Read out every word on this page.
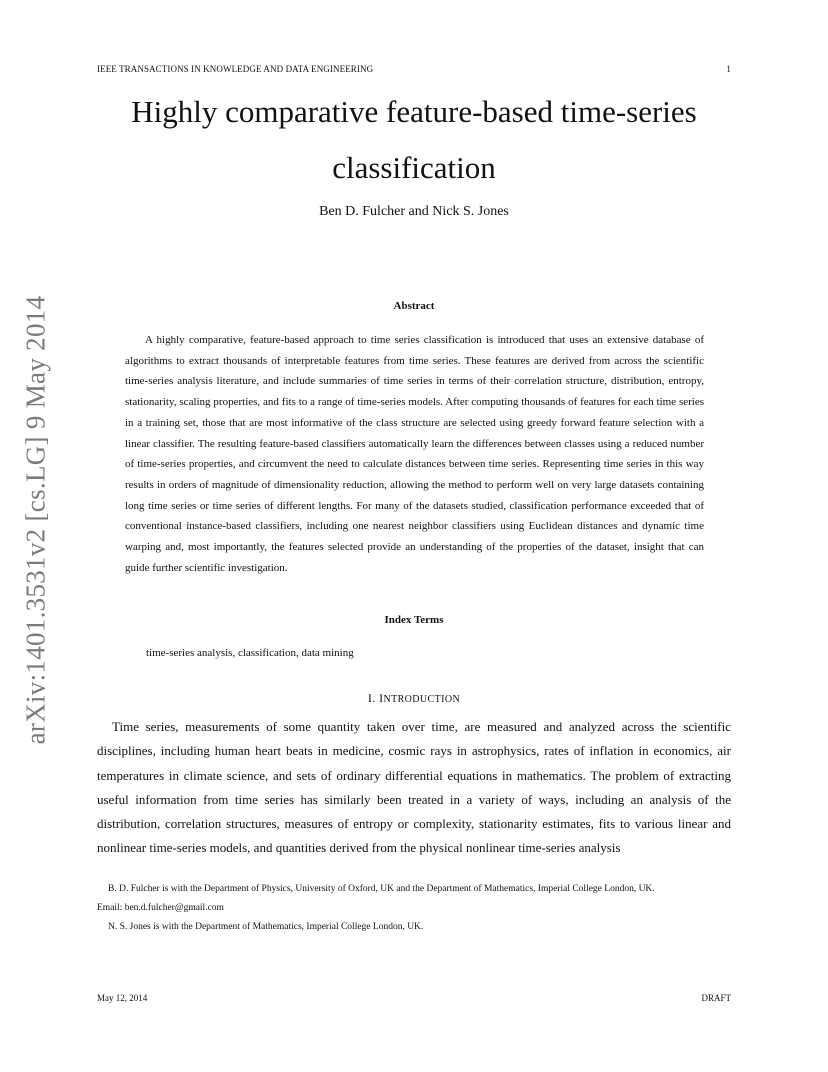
IEEE TRANSACTIONS IN KNOWLEDGE AND DATA ENGINEERING	1
arXiv:1401.3531v2 [cs.LG] 9 May 2014
Highly comparative feature-based time-series classification
Ben D. Fulcher and Nick S. Jones
Abstract

A highly comparative, feature-based approach to time series classification is introduced that uses an extensive database of algorithms to extract thousands of interpretable features from time series. These features are derived from across the scientific time-series analysis literature, and include summaries of time series in terms of their correlation structure, distribution, entropy, stationarity, scaling properties, and fits to a range of time-series models. After computing thousands of features for each time series in a training set, those that are most informative of the class structure are selected using greedy forward feature selection with a linear classifier. The resulting feature-based classifiers automatically learn the differences between classes using a reduced number of time-series properties, and circumvent the need to calculate distances between time series. Representing time series in this way results in orders of magnitude of dimensionality reduction, allowing the method to perform well on very large datasets containing long time series or time series of different lengths. For many of the datasets studied, classification performance exceeded that of conventional instance-based classifiers, including one nearest neighbor classifiers using Euclidean distances and dynamic time warping and, most importantly, the features selected provide an understanding of the properties of the dataset, insight that can guide further scientific investigation.

Index Terms
time-series analysis, classification, data mining
I. INTRODUCTION

Time series, measurements of some quantity taken over time, are measured and analyzed across the scientific disciplines, including human heart beats in medicine, cosmic rays in astrophysics, rates of inflation in economics, air temperatures in climate science, and sets of ordinary differential equations in mathematics. The problem of extracting useful information from time series has similarly been treated in a variety of ways, including an analysis of the distribution, correlation structures, measures of entropy or complexity, stationarity estimates, fits to various linear and nonlinear time-series models, and quantities derived from the physical nonlinear time-series analysis

B. D. Fulcher is with the Department of Physics, University of Oxford, UK and the Department of Mathematics, Imperial College London, UK.

Email: ben.d.fulcher@gmail.com

N. S. Jones is with the Department of Mathematics, Imperial College London, UK.

May 12, 2014	DRAFT
